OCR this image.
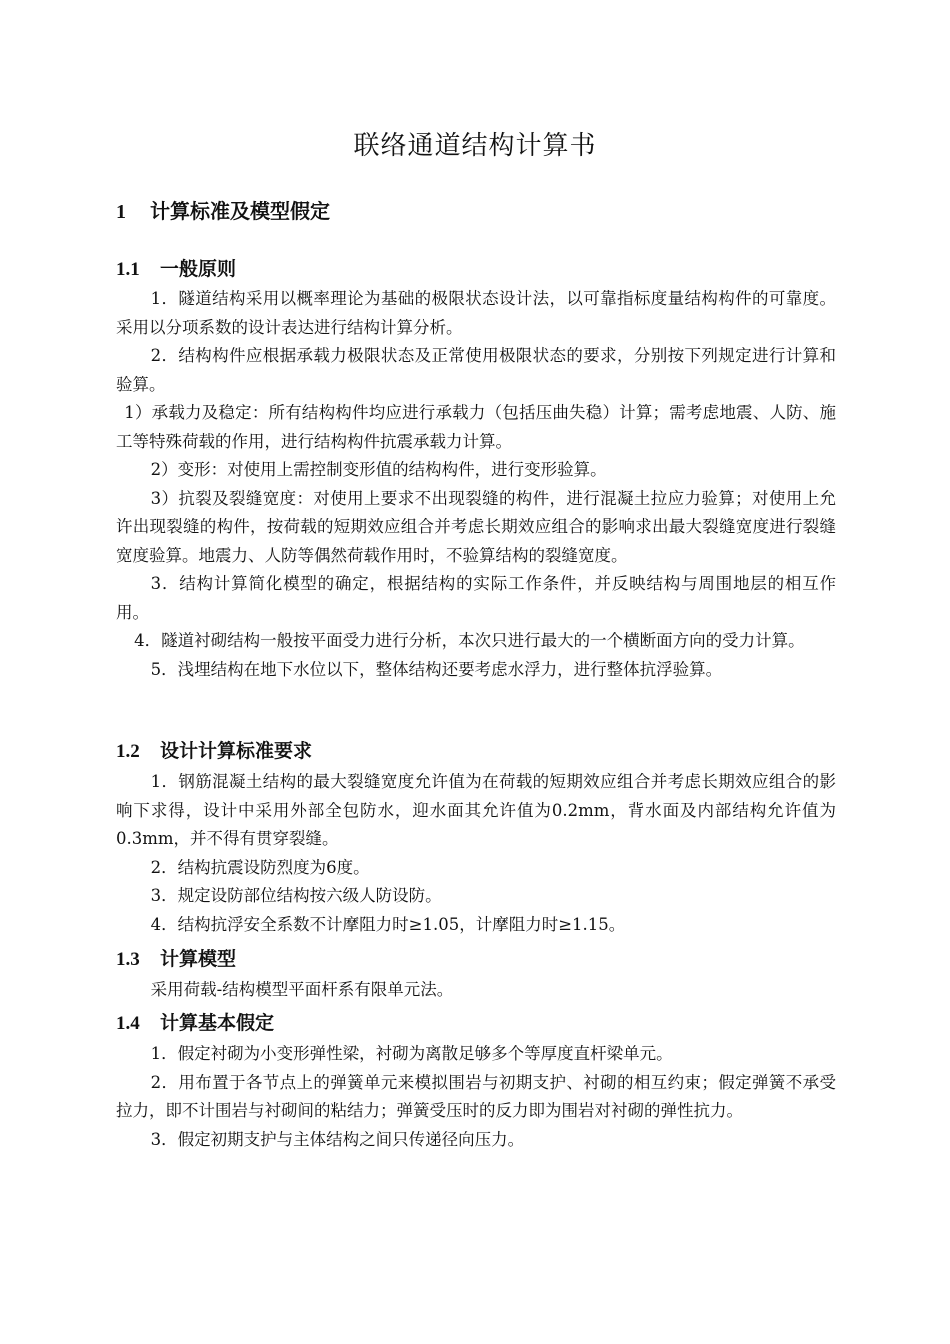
联络通道结构计算书
1 计算标准及模型假定
1.1 一般原则

1．隧道结构采用以概率理论为基础的极限状态设计法，以可靠指标度量结构构件的可靠度。采用以分项系数的设计表达进行结构计算分析。

2．结构构件应根据承载力极限状态及正常使用极限状态的要求，分别按下列规定进行计算和验算。

1）承载力及稳定：所有结构构件均应进行承载力（包括压曲失稳）计算；需考虑地震、人防、施工等特殊荷载的作用，进行结构构件抗震承载力计算。

2）变形：对使用上需控制变形值的结构构件，进行变形验算。

3）抗裂及裂缝宽度：对使用上要求不出现裂缝的构件，进行混凝土拉应力验算；对使用上允许出现裂缝的构件，按荷载的短期效应组合并考虑长期效应组合的影响求出最大裂缝宽度进行裂缝宽度验算。地震力、人防等偶然荷载作用时，不验算结构的裂缝宽度。

3．结构计算简化模型的确定，根据结构的实际工作条件，并反映结构与周围地层的相互作用。

4．隧道衬砌结构一般按平面受力进行分析，本次只进行最大的一个横断面方向的受力计算。

5．浅埋结构在地下水位以下，整体结构还要考虑水浮力，进行整体抗浮验算。

1.2 设计计算标准要求

1．钢筋混凝土结构的最大裂缝宽度允许值为在荷载的短期效应组合并考虑长期效应组合的影响下求得，设计中采用外部全包防水，迎水面其允许值为0.2mm，背水面及内部结构允许值为0.3mm，并不得有贯穿裂缝。

2．结构抗震设防烈度为6度。

3．规定设防部位结构按六级人防设防。

4．结构抗浮安全系数不计摩阻力时≥1.05，计摩阻力时≥1.15。

1.3 计算模型

采用荷载-结构模型平面杆系有限单元法。

1.4 计算基本假定

1．假定衬砌为小变形弹性梁，衬砌为离散足够多个等厚度直杆梁单元。

2．用布置于各节点上的弹簧单元来模拟围岩与初期支护、衬砌的相互约束；假定弹簧不承受拉力，即不计围岩与衬砌间的粘结力；弹簧受压时的反力即为围岩对衬砌的弹性抗力。

3．假定初期支护与主体结构之间只传递径向压力。
